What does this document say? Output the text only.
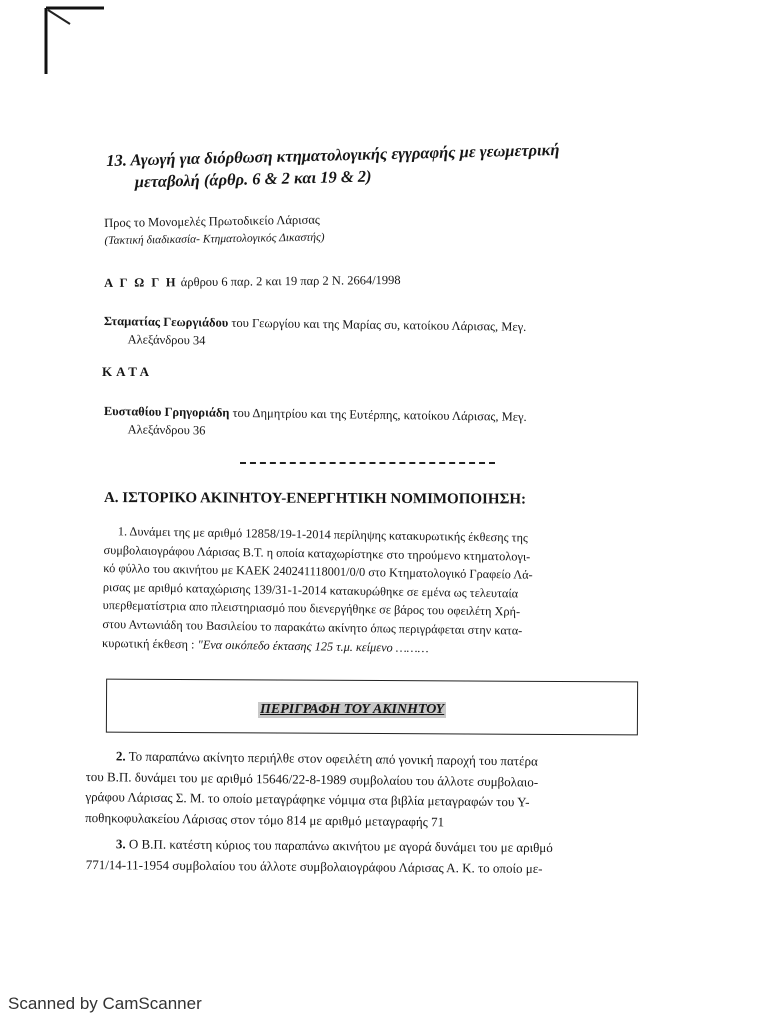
13. Αγωγή για διόρθωση κτηματολογικής εγγραφής με γεωμετρική
μεταβολή (άρθρ. 6 & 2 και 19 & 2)
Προς το Μονομελές Πρωτοδικείο Λάρισας
(Τακτική διαδικασία- Κτηματολογικός Δικαστής)
Α Γ Ω Γ Η άρθρου 6 παρ. 2 και 19 παρ 2 Ν. 2664/1998
Σταματίας Γεωργιάδου του Γεωργίου και της Μαρίας συ, κατοίκου Λάρισας, Μεγ.
Αλεξάνδρου 34
ΚΑΤΑ
Ευσταθίου Γρηγοριάδη του Δημητρίου και της Ευτέρπης, κατοίκου Λάρισας, Μεγ.
Αλεξάνδρου 36
Α. ΙΣΤΟΡΙΚΟ ΑΚΙΝΗΤΟΥ-ΕΝΕΡΓΗΤΙΚΗ ΝΟΜΙΜΟΠΟΙΗΣΗ:
1. Δυνάμει της με αριθμό 12858/19-1-2014 περίληψης κατακυρωτικής έκθεσης της
συμβολαιογράφου Λάρισας Β.Τ. η οποία καταχωρίστηκε στο τηρούμενο κτηματολογι-
κό φύλλο του ακινήτου με ΚΑΕΚ 240241118001/0/0 στο Κτηματολογικό Γραφείο Λά-
ρισας με αριθμό καταχώρισης 139/31-1-2014 κατακυρώθηκε σε εμένα ως τελευταία
υπερθεματίστρια απο πλειστηριασμό που διενεργήθηκε σε βάρος του οφειλέτη Χρή-
στου Αντωνιάδη του Βασιλείου το παρακάτω ακίνητο όπως περιγράφεται στην κατα-
κυρωτική έκθεση : "Ενα οικόπεδο έκτασης 125 τ.μ. κείμενο ………
ΠΕΡΙΓΡΑΦΗ ΤΟΥ ΑΚΙΝΗΤΟΥ
2. Το παραπάνω ακίνητο περιήλθε στον οφειλέτη από γονική παροχή του πατέρα
του Β.Π. δυνάμει του με αριθμό 15646/22-8-1989 συμβολαίου του άλλοτε συμβολαιο-
γράφου Λάρισας Σ. Μ. το οποίο μεταγράφηκε νόμιμα στα βιβλία μεταγραφών του Υ-
ποθηκοφυλακείου Λάρισας στον τόμο 814 με αριθμό μεταγραφής 71
3. Ο Β.Π. κατέστη κύριος του παραπάνω ακινήτου με αγορά δυνάμει του με αριθμό
771/14-11-1954 συμβολαίου του άλλοτε συμβολαιογράφου Λάρισας Α. Κ. το οποίο με-
Scanned by CamScanner
